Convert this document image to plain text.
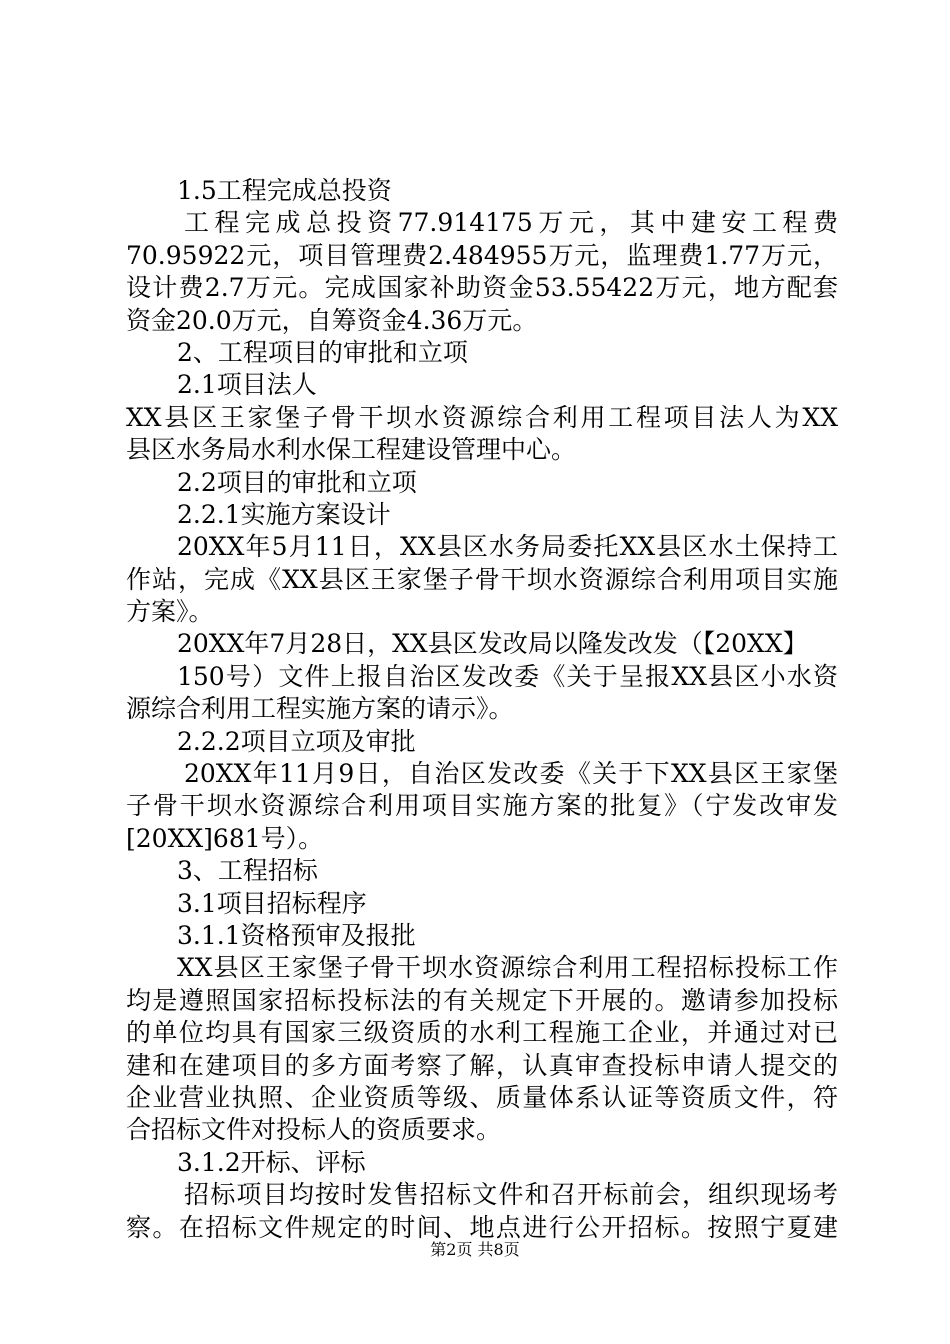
1.5工程完成总投资
工程完成总投资77.914175万元，其中建安工程费
70.95922元，项目管理费2.484955万元，监理费1.77万元，
设计费2.7万元。完成国家补助资金53.55422万元，地方配套
资金20.0万元，自筹资金4.36万元。
2、工程项目的审批和立项
2.1项目法人
XX县区王家堡子骨干坝水资源综合利用工程项目法人为XX
县区水务局水利水保工程建设管理中心。
2.2项目的审批和立项
2.2.1实施方案设计
20XX年5月11日，XX县区水务局委托XX县区水土保持工
作站，完成《XX县区王家堡子骨干坝水资源综合利用项目实施
方案》。
20XX年7月28日，XX县区发改局以隆发改发（【20XX】
150号）文件上报自治区发改委《关于呈报XX县区小水资
源综合利用工程实施方案的请示》。
2.2.2项目立项及审批
20XX年11月9日，自治区发改委《关于下XX县区王家堡
子骨干坝水资源综合利用项目实施方案的批复》（宁发改审发
[20XX]681号）。
3、工程招标
3.1项目招标程序
3.1.1资格预审及报批
XX县区王家堡子骨干坝水资源综合利用工程招标投标工作
均是遵照国家招标投标法的有关规定下开展的。邀请参加投标
的单位均具有国家三级资质的水利工程施工企业，并通过对已
建和在建项目的多方面考察了解，认真审查投标申请人提交的
企业营业执照、企业资质等级、质量体系认证等资质文件，符
合招标文件对投标人的资质要求。
3.1.2开标、评标
招标项目均按时发售招标文件和召开标前会，组织现场考
察。在招标文件规定的时间、地点进行公开招标。按照宁夏建
第2页 共8页
